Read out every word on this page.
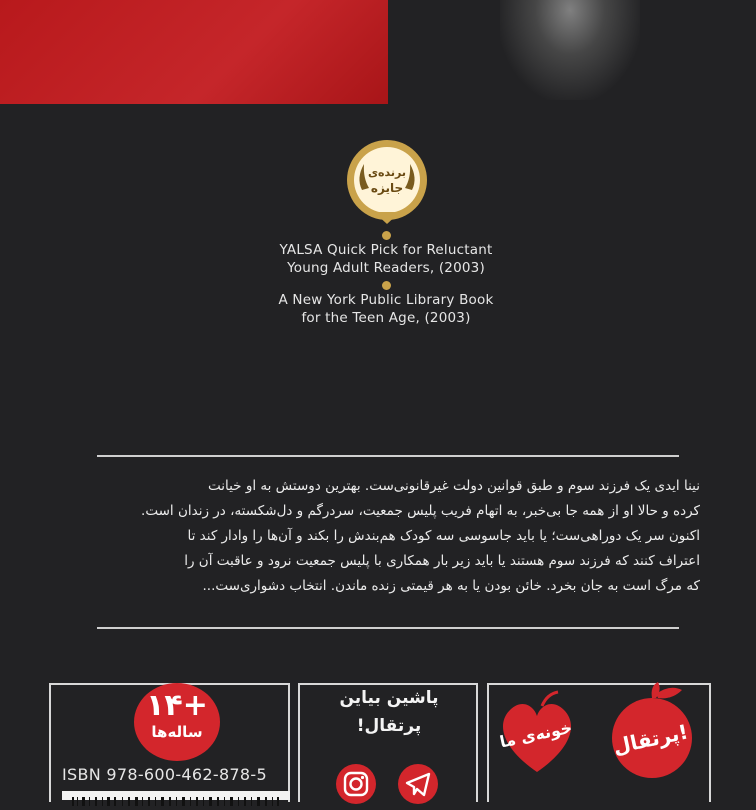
برنده‌ی
جایزه
YALSA Quick Pick for Reluctant
Young Adult Readers, (2003)
A New York Public Library Book
for the Teen Age, (2003)

نینا ایدی یک فرزند سوم و طبق قوانین دولت غیرقانونی‌ست. بهترین دوستش به او خیانت

کرده و حالا او از همه جا بی‌خبر، به اتهام فریب پلیس جمعیت، سردرگم و دل‌شکسته، در زندان است.

اکنون سر یک دوراهی‌ست؛ یا باید جاسوسی سه کودک هم‌بندش را بکند و آن‌ها را وادار کند تا

اعتراف کنند که فرزند سوم هستند یا باید زیر بار همکاری با پلیس جمعیت نرود و عاقبت آن را

که مرگ است به جان بخرد. خائن بودن یا به هر قیمتی زنده ماندن. انتخاب دشواری‌ست...

۱۴+
ساله‌ها
ISBN 978-600-462-878-5
پاشین بیاین
پرتقال!	خونه‌ی ما پرتقال!
